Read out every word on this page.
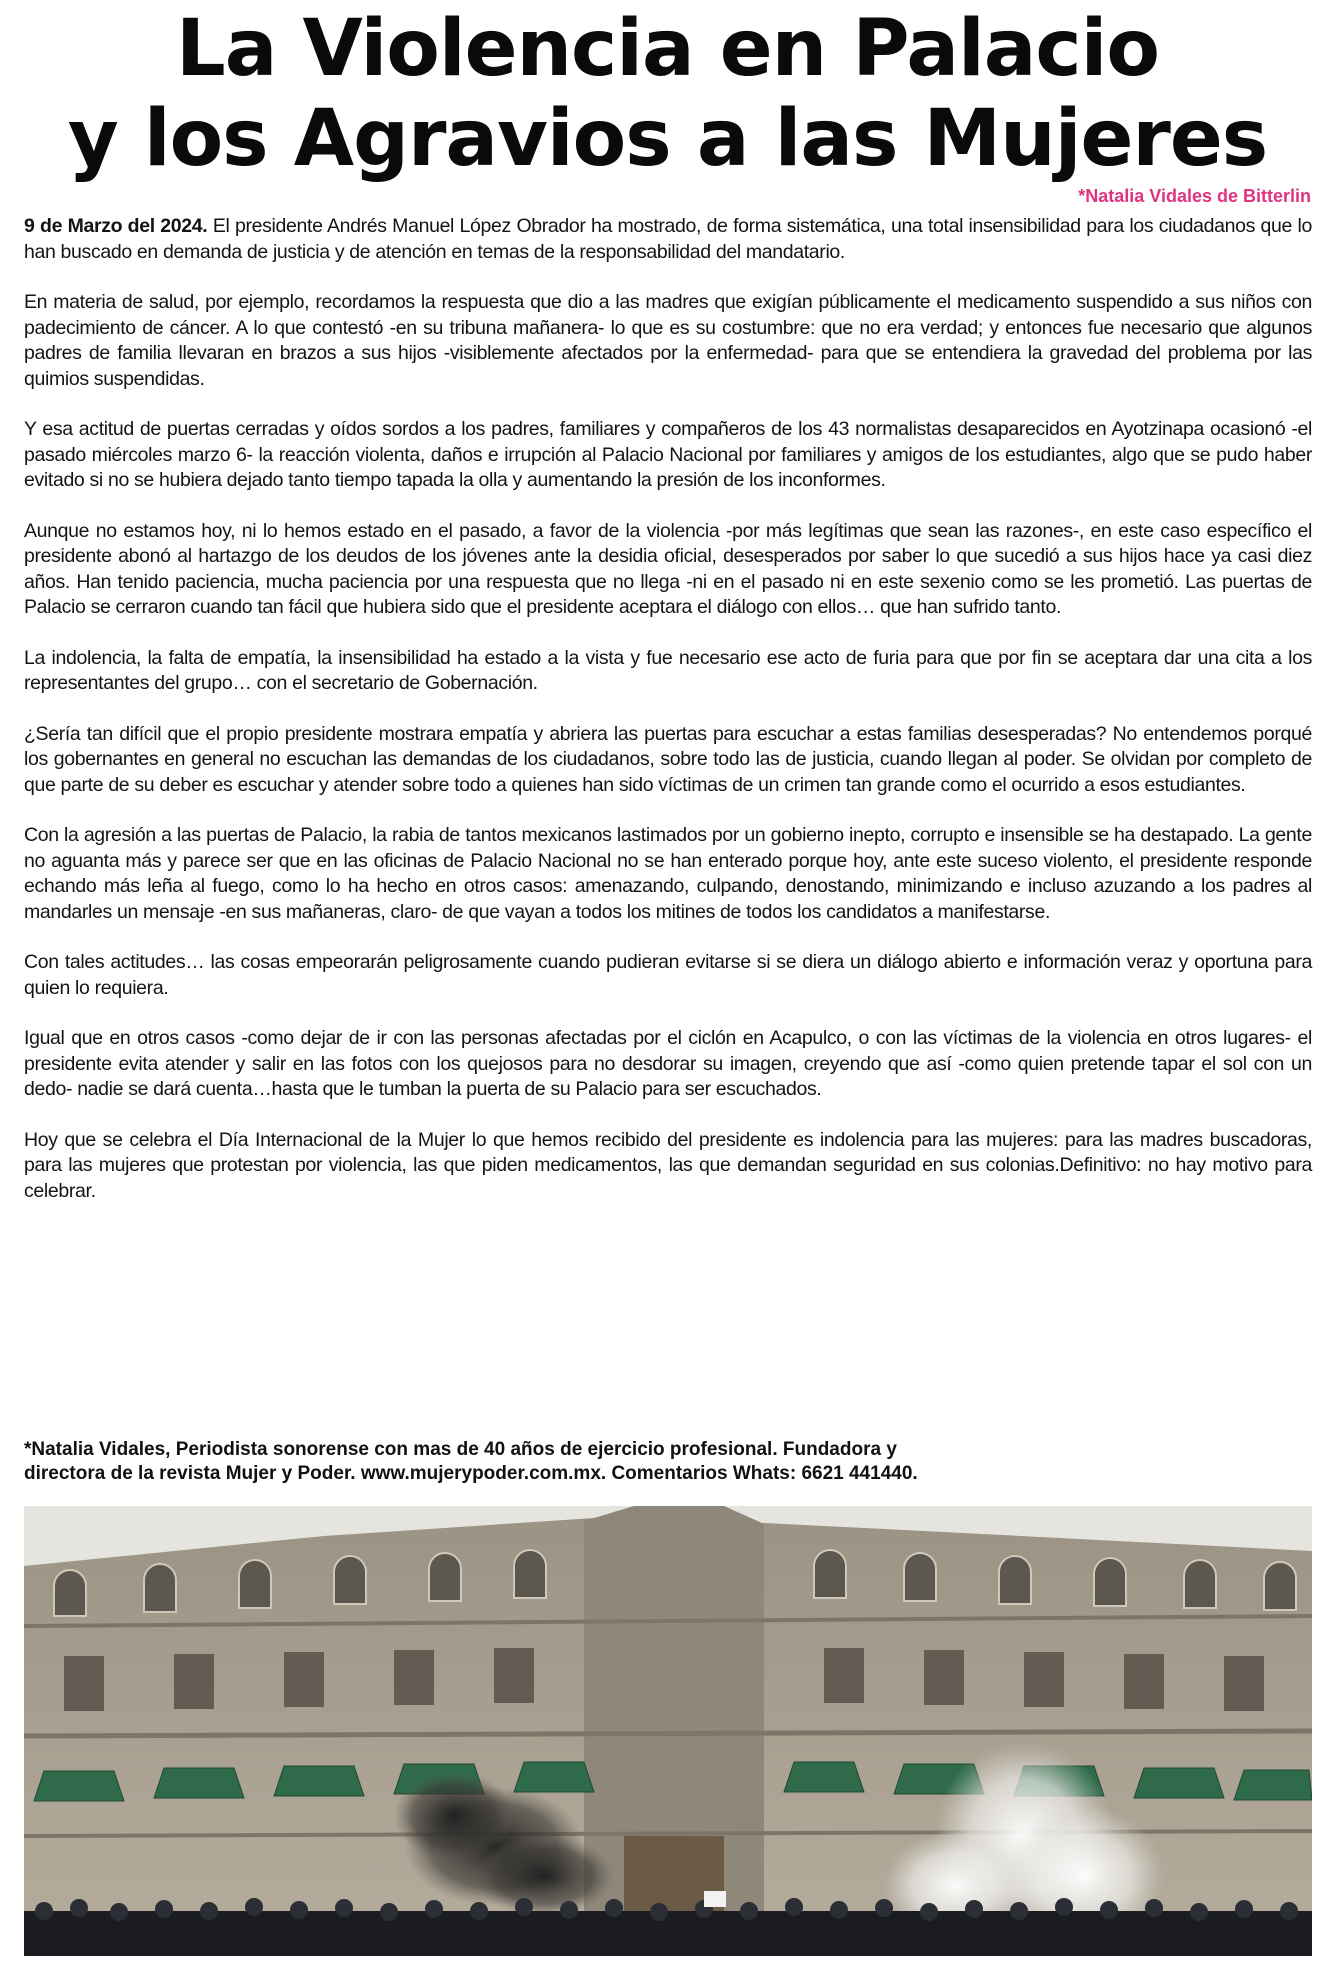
La Violencia en Palacio
y los Agravios a las Mujeres
*Natalia Vidales de Bitterlin

9 de Marzo del 2024. El presidente Andrés Manuel López Obrador ha mostrado, de forma sistemática, una total insensibilidad para los ciudadanos que lo han buscado en demanda de justicia y de atención en temas de la responsabilidad del mandatario.

En materia de salud, por ejemplo, recordamos la respuesta que dio a las madres que exigían públicamente el medicamento suspendido a sus niños con padecimiento de cáncer. A lo que contestó -en su tribuna mañanera- lo que es su costumbre: que no era verdad; y entonces fue necesario que algunos padres de familia llevaran en brazos a sus hijos -visiblemente afectados por la enfermedad- para que se entendiera la gravedad del problema por las quimios suspendidas.

Y esa actitud de puertas cerradas y oídos sordos a los padres, familiares y compañeros de los 43 normalistas desaparecidos en Ayotzinapa ocasionó -el pasado miércoles marzo 6- la reacción violenta, daños e irrupción al Palacio Nacional por familiares y amigos de los estudiantes, algo que se pudo haber evitado si no se hubiera dejado tanto tiempo tapada la olla y aumentando la presión de los inconformes.

Aunque no estamos hoy, ni lo hemos estado en el pasado, a favor de la violencia -por más legítimas que sean las razones-, en este caso específico el presidente abonó al hartazgo de los deudos de los jóvenes ante la desidia oficial, desesperados por saber lo que sucedió a sus hijos hace ya casi diez años. Han tenido paciencia, mucha paciencia por una respuesta que no llega -ni en el pasado ni en este sexenio como se les prometió. Las puertas de Palacio se cerraron cuando tan fácil que hubiera sido que el presidente aceptara el diálogo con ellos… que han sufrido tanto.

La indolencia, la falta de empatía, la insensibilidad ha estado a la vista y fue necesario ese acto de furia para que por fin se aceptara dar una cita a los representantes del grupo… con el secretario de Gobernación.

¿Sería tan difícil que el propio presidente mostrara empatía y abriera las puertas para escuchar a estas familias desesperadas? No entendemos porqué los gobernantes en general no escuchan las demandas de los ciudadanos, sobre todo las de justicia, cuando llegan al poder. Se olvidan por completo de que parte de su deber es escuchar y atender sobre todo a quienes han sido víctimas de un crimen tan grande como el ocurrido a esos estudiantes.

Con la agresión a las puertas de Palacio, la rabia de tantos mexicanos lastimados por un gobierno inepto, corrupto e insensible se ha destapado. La gente no aguanta más y parece ser que en las oficinas de Palacio Nacional no se han enterado porque hoy, ante este suceso violento, el presidente responde echando más leña al fuego, como lo ha hecho en otros casos: amenazando, culpando, denostando, minimizando e incluso azuzando a los padres al mandarles un mensaje -en sus mañaneras, claro- de que vayan a todos los mitines de todos los candidatos a manifestarse.

Con tales actitudes… las cosas empeorarán peligrosamente cuando pudieran evitarse si se diera un diálogo abierto e información veraz y oportuna para quien lo requiera.

Igual que en otros casos -como dejar de ir con las personas afectadas por el ciclón en Acapulco, o con las víctimas de la violencia en otros lugares- el presidente evita atender y salir en las fotos con los quejosos para no desdorar su imagen, creyendo que así -como quien pretende tapar el sol con un dedo- nadie se dará cuenta…hasta que le tumban la puerta de su Palacio para ser escuchados.

Hoy que se celebra el Día Internacional de la Mujer lo que hemos recibido del presidente es indolencia para las mujeres: para las madres buscadoras, para las mujeres que protestan por violencia, las que piden medicamentos, las que demandan seguridad en sus colonias.Definitivo: no hay motivo para celebrar.

*Natalia Vidales, Periodista sonorense con mas de 40 años de ejercicio profesional. Fundadora y
directora de la revista Mujer y Poder. www.mujerypoder.com.mx. Comentarios Whats: 6621 441440.
